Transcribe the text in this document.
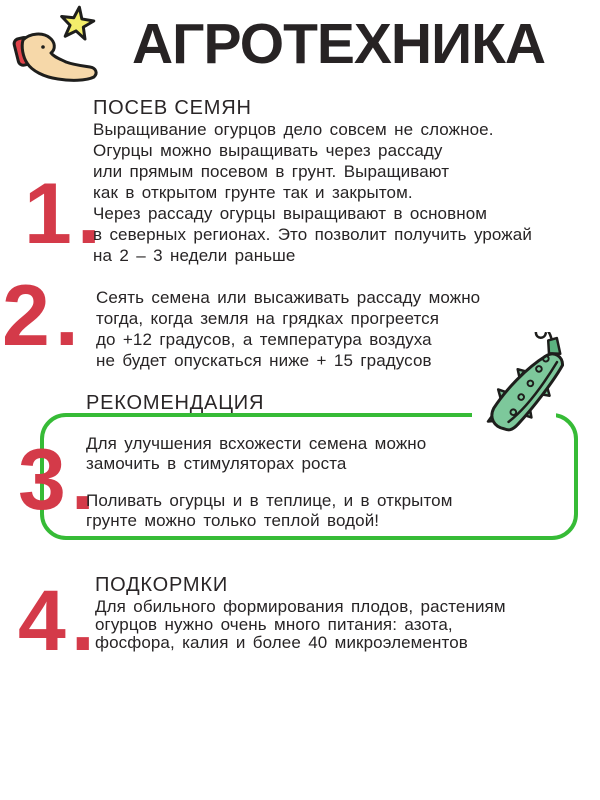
АГРОТЕХНИКА
1.
ПОСЕВ СЕМЯН
Выращивание огурцов дело совсем не сложное.
Огурцы можно выращивать через рассаду
или прямым посевом в грунт. Выращивают
как в открытом грунте так и закрытом.
Через рассаду огурцы выращивают в основном
в северных регионах. Это позволит получить урожай
на 2 – 3 недели раньше
2. Сеять семена или высаживать рассаду можно
тогда, когда земля на грядках прогреется
до +12 градусов, а температура воздуха
не будет опускаться ниже + 15 градусов
РЕКОМЕНДАЦИЯ
3.
Для улучшения всхожести семена можно
замочить в стимуляторах роста
Поливать огурцы и в теплице, и в открытом
грунте можно только теплой водой!
4.
ПОДКОРМКИ
Для обильного формирования плодов, растениям
огурцов нужно очень много питания: азота,
фосфора, калия и более 40 микроэлементов
